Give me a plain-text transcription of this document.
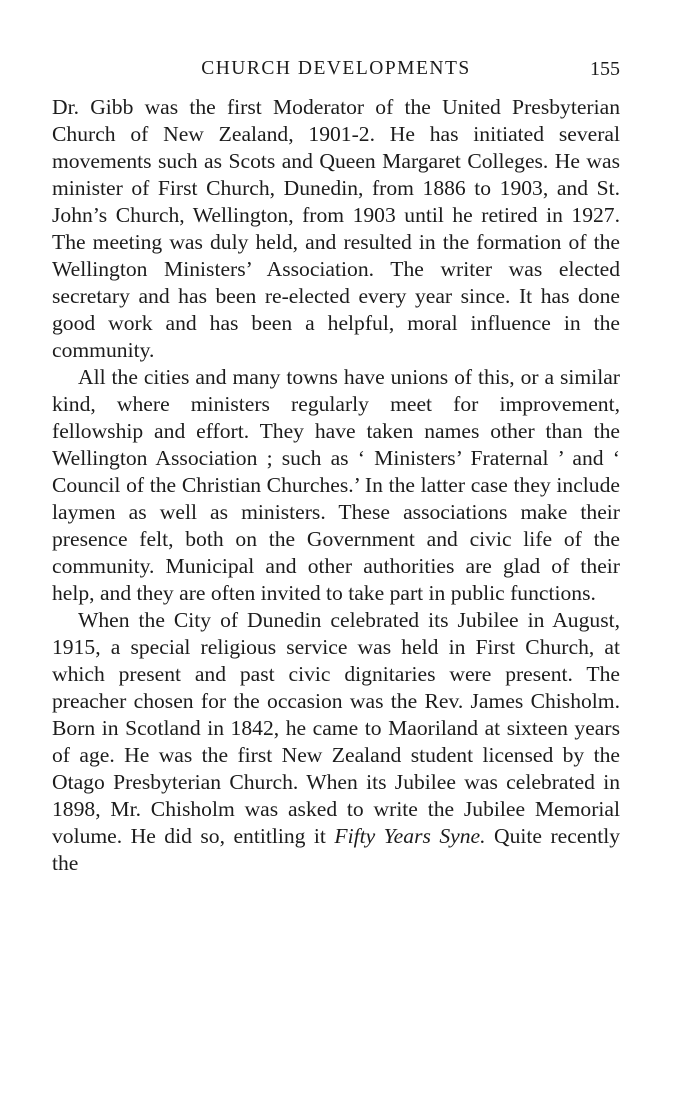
CHURCH DEVELOPMENTS	155

Dr. Gibb was the first Moderator of the United Presbyterian Church of New Zealand, 1901-2. He has initiated several movements such as Scots and Queen Margaret Colleges. He was minister of First Church, Dunedin, from 1886 to 1903, and St. John’s Church, Wellington, from 1903 until he retired in 1927. The meeting was duly held, and resulted in the formation of the Wellington Ministers’ Association. The writer was elected secretary and has been re-elected every year since. It has done good work and has been a helpful, moral influence in the community.

All the cities and many towns have unions of this, or a similar kind, where ministers regularly meet for improvement, fellowship and effort. They have taken names other than the Wellington Association ; such as ‘ Ministers’ Fraternal ’ and ‘ Council of the Christian Churches.’ In the latter case they include laymen as well as ministers. These associations make their presence felt, both on the Government and civic life of the community. Municipal and other authorities are glad of their help, and they are often invited to take part in public functions.

When the City of Dunedin celebrated its Jubilee in August, 1915, a special religious service was held in First Church, at which present and past civic dignitaries were present. The preacher chosen for the occasion was the Rev. James Chisholm. Born in Scotland in 1842, he came to Maoriland at sixteen years of age. He was the first New Zealand student licensed by the Otago Presbyterian Church. When its Jubilee was celebrated in 1898, Mr. Chisholm was asked to write the Jubilee Memorial volume. He did so, entitling it Fifty Years Syne. Quite recently the
